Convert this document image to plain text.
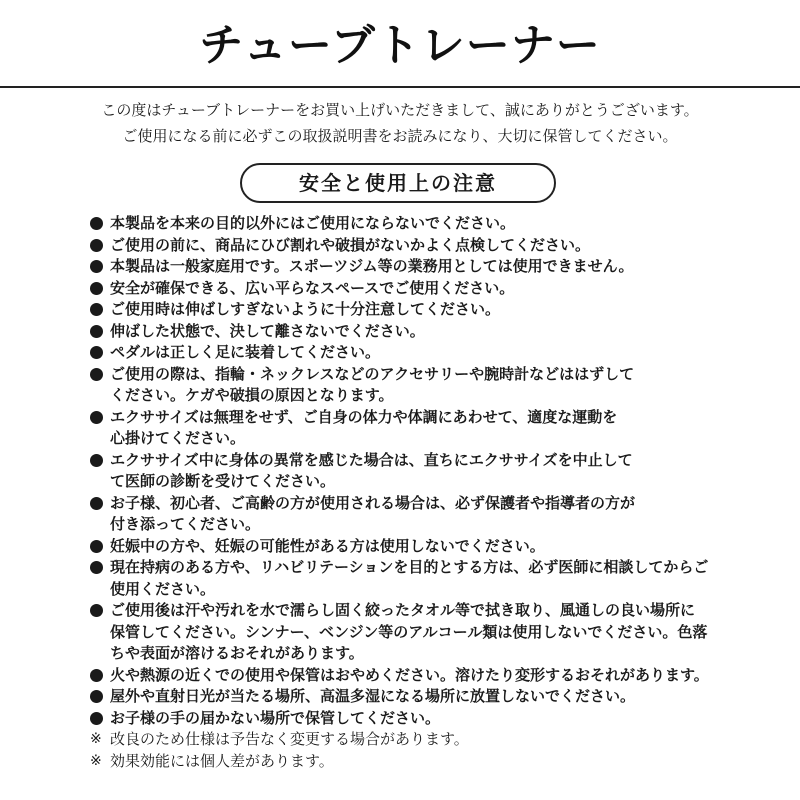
チューブトレーナー
この度はチューブトレーナーをお買い上げいただきまして、誠にありがとうございます。
ご使用になる前に必ずこの取扱説明書をお読みになり、大切に保管してください。
安全と使用上の注意
本製品を本来の目的以外にはご使用にならないでください。
ご使用の前に、商品にひび割れや破損がないかよく点検してください。
本製品は一般家庭用です。スポーツジム等の業務用としては使用できません。
安全が確保できる、広い平らなスペースでご使用ください。
ご使用時は伸ばしすぎないように十分注意してください。
伸ばした状態で、決して離さないでください。
ペダルは正しく足に装着してください。
ご使用の際は、指輪・ネックレスなどのアクセサリーや腕時計などははずして
ください。ケガや破損の原因となります。
エクササイズは無理をせず、ご自身の体力や体調にあわせて、適度な運動を
心掛けてください。
エクササイズ中に身体の異常を感じた場合は、直ちにエクササイズを中止して
て医師の診断を受けてください。
お子様、初心者、ご高齢の方が使用される場合は、必ず保護者や指導者の方が
付き添ってください。
妊娠中の方や、妊娠の可能性がある方は使用しないでください。
現在持病のある方や、リハビリテーションを目的とする方は、必ず医師に相談してからご
使用ください。
ご使用後は汗や汚れを水で濡らし固く絞ったタオル等で拭き取り、風通しの良い場所に
保管してください。シンナー、ベンジン等のアルコール類は使用しないでください。色落
ちや表面が溶けるおそれがあります。
火や熱源の近くでの使用や保管はおやめください。溶けたり変形するおそれがあります。
屋外や直射日光が当たる場所、高温多湿になる場所に放置しないでください。
お子様の手の届かない場所で保管してください。
※ 改良のため仕様は予告なく変更する場合があります。
※ 効果効能には個人差があります。
